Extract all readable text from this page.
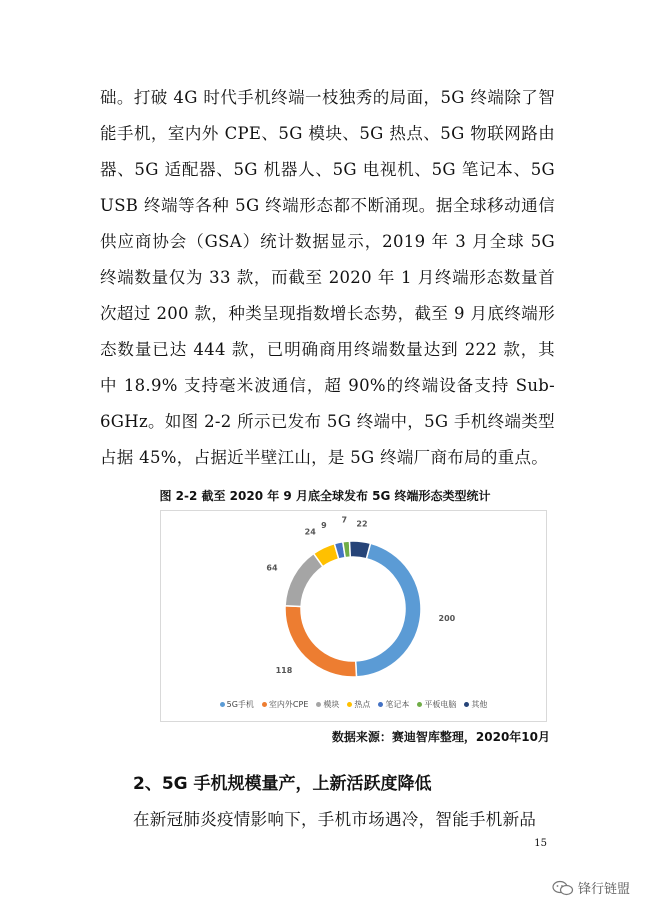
础。打破 4G 时代手机终端一枝独秀的局面，5G 终端除了智能手机，室内外 CPE、5G 模块、5G 热点、5G 物联网路由器、5G 适配器、5G 机器人、5G 电视机、5G 笔记本、5G USB 终端等各种 5G 终端形态都不断涌现。据全球移动通信供应商协会（GSA）统计数据显示，2019 年 3 月全球 5G 终端数量仅为 33 款，而截至 2020 年 1 月终端形态数量首次超过 200 款，种类呈现指数增长态势，截至 9 月底终端形态数量已达 444 款，已明确商用终端数量达到 222 款，其中 18.9% 支持毫米波通信，超 90%的终端设备支持 Sub-6GHz。如图 2-2 所示已发布 5G 终端中，5G 手机终端类型占据 45%，占据近半壁江山，是 5G 终端厂商布局的重点。
图 2-2 截至 2020 年 9 月底全球发布 5G 终端形态类型统计
200
118
64
24
9
7 22
5G手机 室内外CPE 模块 热点 笔记本 平板电脑 其他
数据来源：赛迪智库整理，2020年10月
2、5G 手机规模量产，上新活跃度降低
在新冠肺炎疫情影响下，手机市场遇冷，智能手机新品
15
锋行链盟
